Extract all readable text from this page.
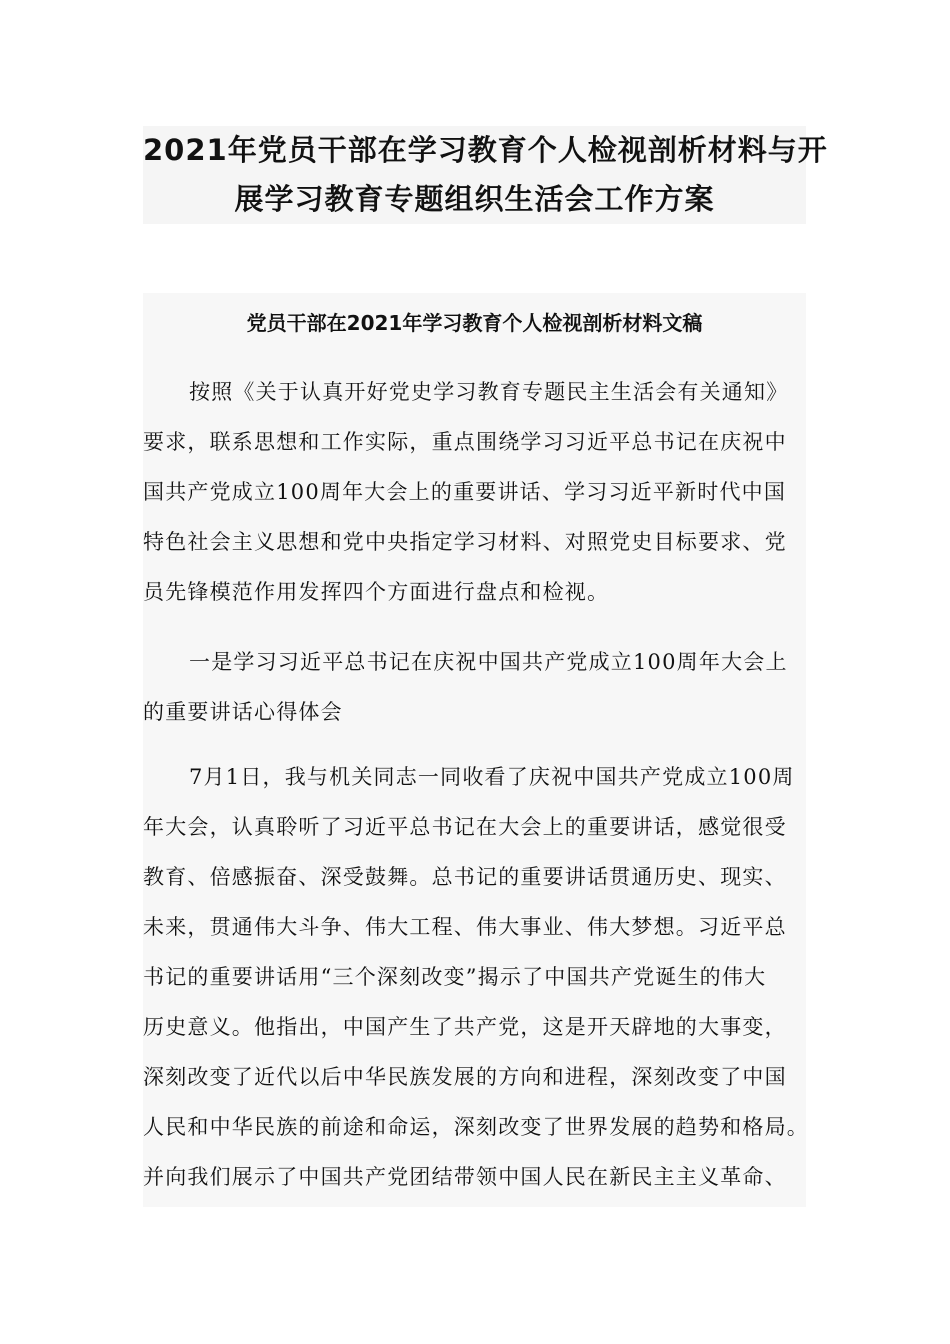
2021年党员干部在学习教育个人检视剖析材料与开
展学习教育专题组织生活会工作方案
党员干部在2021年学习教育个人检视剖析材料文稿
按照《关于认真开好党史学习教育专题民主生活会有关通知》
要求，联系思想和工作实际，重点围绕学习习近平总书记在庆祝中
国共产党成立100周年大会上的重要讲话、学习习近平新时代中国
特色社会主义思想和党中央指定学习材料、对照党史目标要求、党
员先锋模范作用发挥四个方面进行盘点和检视。
一是学习习近平总书记在庆祝中国共产党成立100周年大会上
的重要讲话心得体会
7月1日，我与机关同志一同收看了庆祝中国共产党成立100周
年大会，认真聆听了习近平总书记在大会上的重要讲话，感觉很受
教育、倍感振奋、深受鼓舞。总书记的重要讲话贯通历史、现实、
未来，贯通伟大斗争、伟大工程、伟大事业、伟大梦想。习近平总
书记的重要讲话用“三个深刻改变”揭示了中国共产党诞生的伟大
历史意义。他指出，中国产生了共产党，这是开天辟地的大事变，
深刻改变了近代以后中华民族发展的方向和进程，深刻改变了中国
人民和中华民族的前途和命运，深刻改变了世界发展的趋势和格局。
并向我们展示了中国共产党团结带领中国人民在新民主主义革命、
